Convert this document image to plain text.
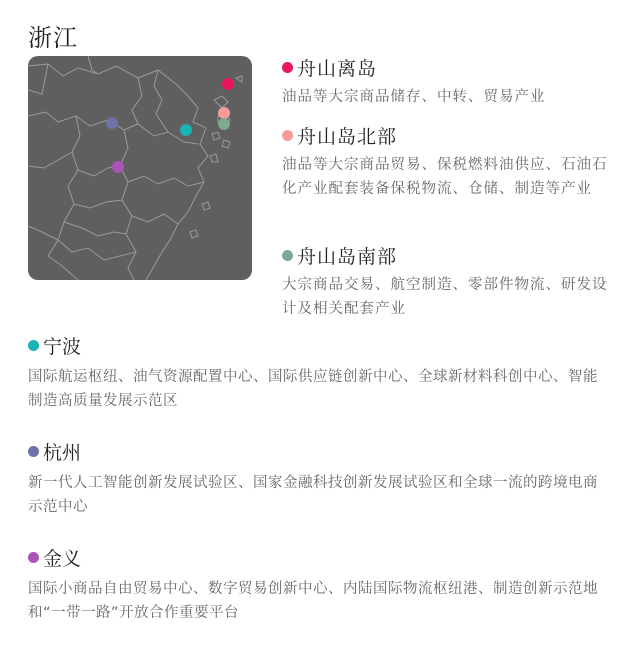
浙江
舟山离岛
油品等大宗商品储存、中转、贸易产业
舟山岛北部
油品等大宗商品贸易、保税燃料油供应、石油石化产业配套装备保税物流、仓储、制造等产业
舟山岛南部
大宗商品交易、航空制造、零部件物流、研发设计及相关配套产业
宁波
国际航运枢纽、油气资源配置中心、国际供应链创新中心、全球新材料科创中心、智能制造高质量发展示范区
杭州
新一代人工智能创新发展试验区、国家金融科技创新发展试验区和全球一流的跨境电商示范中心
金义
国际小商品自由贸易中心、数字贸易创新中心、内陆国际物流枢纽港、制造创新示范地和“一带一路”开放合作重要平台
